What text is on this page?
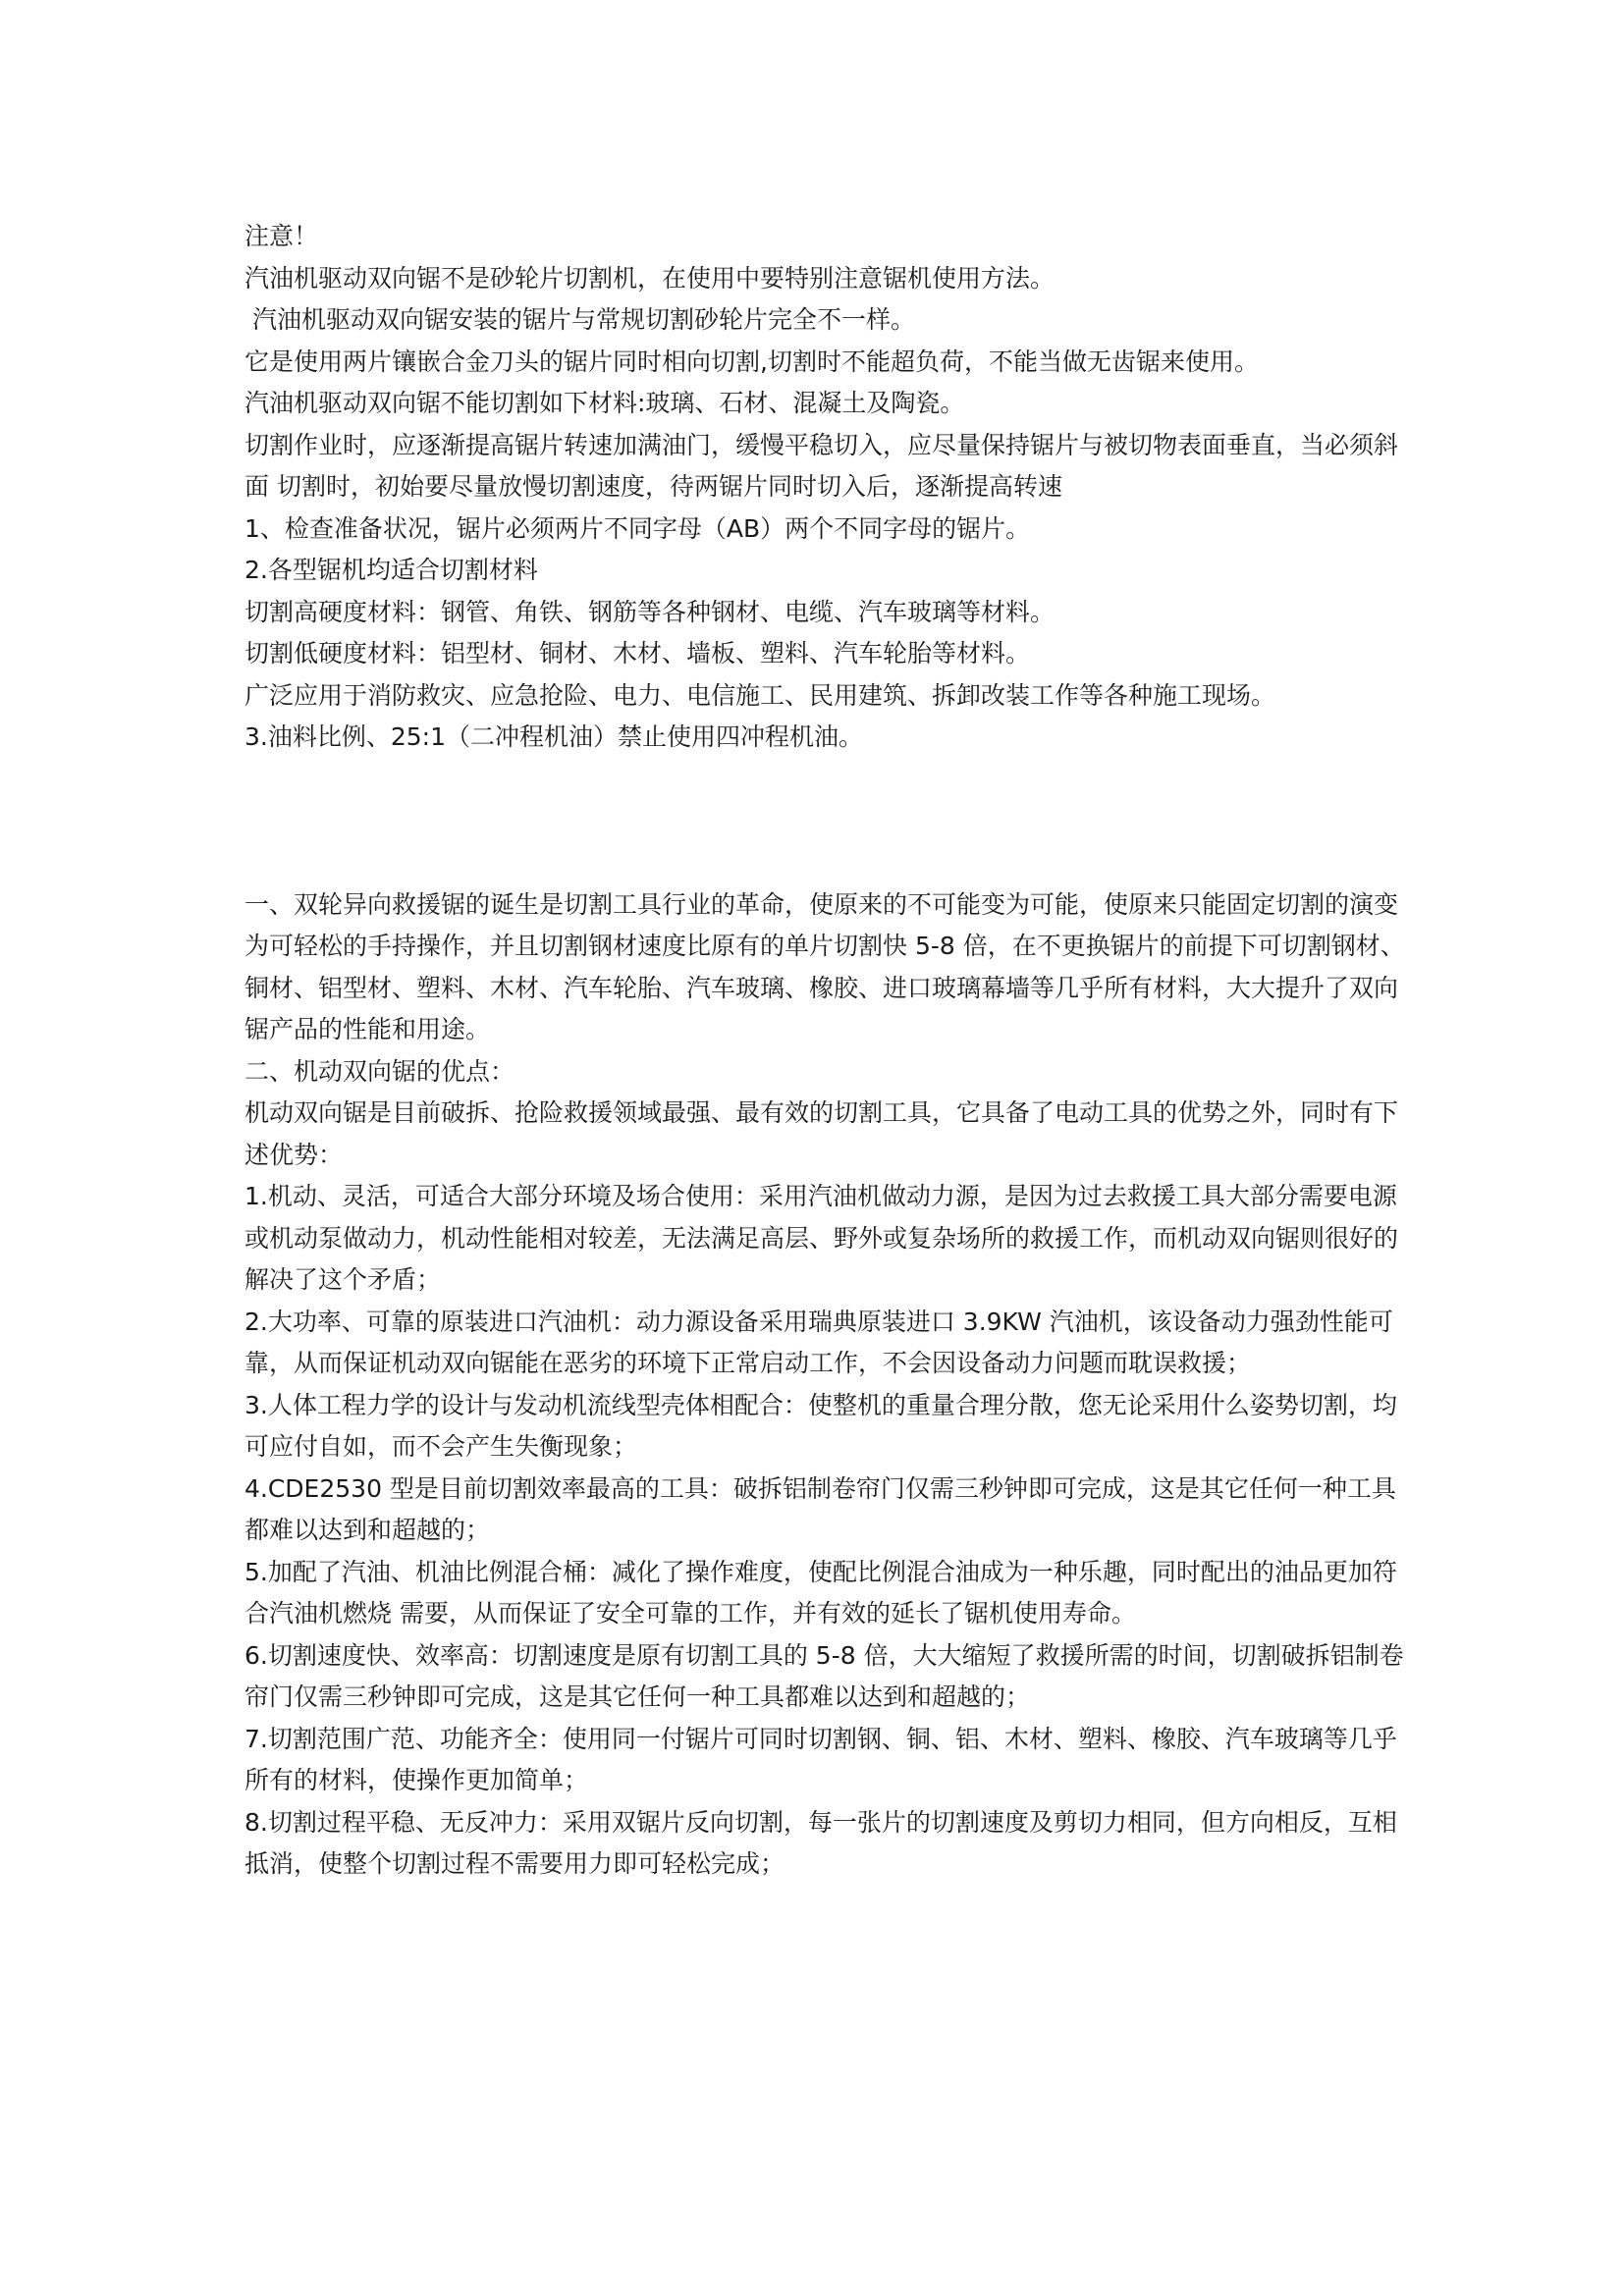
注意！

汽油机驱动双向锯不是砂轮片切割机，在使用中要特别注意锯机使用方法。

汽油机驱动双向锯安装的锯片与常规切割砂轮片完全不一样。

它是使用两片镶嵌合金刀头的锯片同时相向切割,切割时不能超负荷，不能当做无齿锯来使用。

汽油机驱动双向锯不能切割如下材料:玻璃、石材、混凝土及陶瓷。

切割作业时，应逐渐提高锯片转速加满油门，缓慢平稳切入，应尽量保持锯片与被切物表面垂直，当必须斜面 切割时，初始要尽量放慢切割速度，待两锯片同时切入后，逐渐提高转速

1、检查准备状况，锯片必须两片不同字母（AB）两个不同字母的锯片。

2.各型锯机均适合切割材料

切割高硬度材料：钢管、角铁、钢筋等各种钢材、电缆、汽车玻璃等材料。

切割低硬度材料：铝型材、铜材、木材、墙板、塑料、汽车轮胎等材料。

广泛应用于消防救灾、应急抢险、电力、电信施工、民用建筑、拆卸改装工作等各种施工现场。

3.油料比例、25:1（二冲程机油）禁止使用四冲程机油。

一、双轮异向救援锯的诞生是切割工具行业的革命，使原来的不可能变为可能，使原来只能固定切割的演变为可轻松的手持操作，并且切割钢材速度比原有的单片切割快 5-8 倍，在不更换锯片的前提下可切割钢材、铜材、铝型材、塑料、木材、汽车轮胎、汽车玻璃、橡胶、进口玻璃幕墙等几乎所有材料，大大提升了双向锯产品的性能和用途。

二、机动双向锯的优点：

机动双向锯是目前破拆、抢险救援领域最强、最有效的切割工具，它具备了电动工具的优势之外，同时有下述优势：

1.机动、灵活，可适合大部分环境及场合使用：采用汽油机做动力源，是因为过去救援工具大部分需要电源或机动泵做动力，机动性能相对较差，无法满足高层、野外或复杂场所的救援工作，而机动双向锯则很好的解决了这个矛盾；

2.大功率、可靠的原装进口汽油机：动力源设备采用瑞典原装进口 3.9KW 汽油机，该设备动力强劲性能可靠，从而保证机动双向锯能在恶劣的环境下正常启动工作，不会因设备动力问题而耽误救援；

3.人体工程力学的设计与发动机流线型壳体相配合：使整机的重量合理分散，您无论采用什么姿势切割，均可应付自如，而不会产生失衡现象；

4.CDE2530 型是目前切割效率最高的工具：破拆铝制卷帘门仅需三秒钟即可完成，这是其它任何一种工具都难以达到和超越的；

5.加配了汽油、机油比例混合桶：减化了操作难度，使配比例混合油成为一种乐趣，同时配出的油品更加符合汽油机燃烧 需要，从而保证了安全可靠的工作，并有效的延长了锯机使用寿命。

6.切割速度快、效率高：切割速度是原有切割工具的 5-8 倍，大大缩短了救援所需的时间，切割破拆铝制卷帘门仅需三秒钟即可完成，这是其它任何一种工具都难以达到和超越的；

7.切割范围广范、功能齐全：使用同一付锯片可同时切割钢、铜、铝、木材、塑料、橡胶、汽车玻璃等几乎所有的材料，使操作更加简单；

8.切割过程平稳、无反冲力：采用双锯片反向切割，每一张片的切割速度及剪切力相同，但方向相反，互相抵消，使整个切割过程不需要用力即可轻松完成；
